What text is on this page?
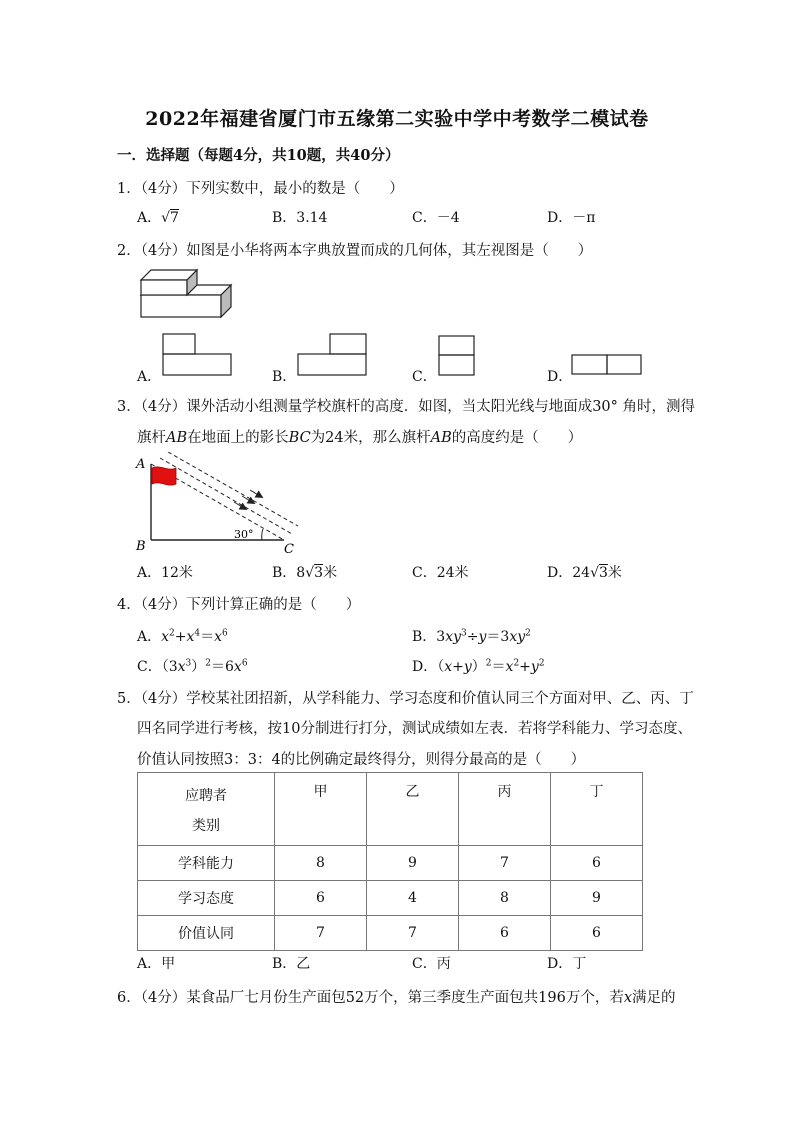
2022年福建省厦门市五缘第二实验中学中考数学二模试卷
一．选择题（每题4分，共10题，共40分）
1．（4分）下列实数中，最小的数是（　　）
A．√7	B．3.14	C．－4	D．－π
2．（4分）如图是小华将两本字典放置而成的几何体，其左视图是（　　）
A．	B．	C．	D．
3．（4分）课外活动小组测量学校旗杆的高度．如图，当太阳光线与地面成30° 角时，测得
旗杆AB在地面上的影长BC为24米，那么旗杆AB的高度约是（　　）
A
B	C
30°
A．12米	B．8√3米	C．24米	D．24√3米
4．（4分）下列计算正确的是（　　）
A．$x^2+x^4=x^6$	B．$3xy^3\div y=3xy^2$
C．$(3x^3)^2=6x^6$	D．$(x+y)^2=x^2+y^2$
5．（4分）学校某社团招新，从学科能力、学习态度和价值认同三个方面对甲、乙、丙、丁
四名同学进行考核，按10分制进行打分，测试成绩如左表．若将学科能力、学习态度、
价值认同按照3：3：4的比例确定最终得分，则得分最高的是（　　）
应聘者
类别	甲	乙	丙	丁
学科能力	8	9	7	6
学习态度	6	4	8	9
价值认同	7	7	6	6
A．甲	B．乙	C．丙	D．丁
6．（4分）某食品厂七月份生产面包52万个，第三季度生产面包共196万个，若x满足的
